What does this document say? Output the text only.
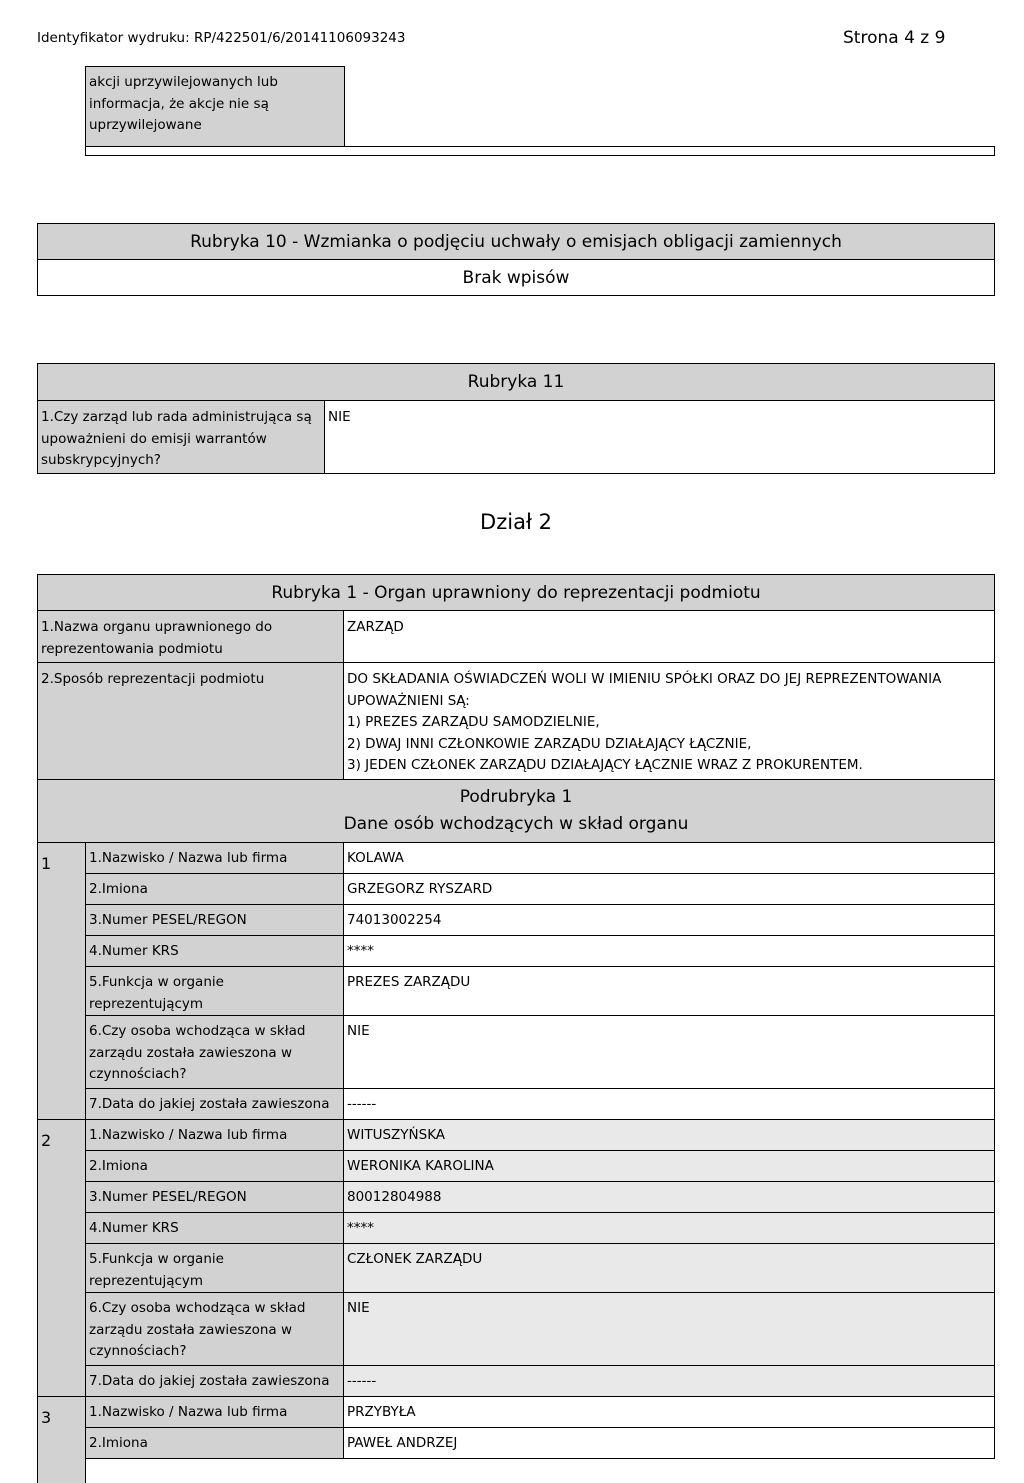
Identyfikator wydruku: RP/422501/6/20141106093243	Strona 4 z 9
akcji uprzywilejowanych lub informacja, że akcje nie są uprzywilejowane	

Rubryka 10 - Wzmianka o podjęciu uchwały o emisjach obligacji zamiennych
Brak wpisów
Rubryka 11
1.Czy zarząd lub rada administrująca są upoważnieni do emisji warrantów subskrypcyjnych?	NIE
Dział 2
Rubryka 1 - Organ uprawniony do reprezentacji podmiotu		
1.Nazwa organu uprawnionego do reprezentowania podmiotu		ZARZĄD
2.Sposób reprezentacji podmiotu		DO SKŁADANIA OŚWIADCZEŃ WOLI W IMIENIU SPÓŁKI ORAZ DO JEJ REPREZENTOWANIA UPOWAŻNIENI SĄ:
1) PREZES ZARZĄDU SAMODZIELNIE,
2) DWAJ INNI CZŁONKOWIE ZARZĄDU DZIAŁAJĄCY ŁĄCZNIE,
3) JEDEN CZŁONEK ZARZĄDU DZIAŁAJĄCY ŁĄCZNIE WRAZ Z PROKURENTEM.

Podrubryka 1
Dane osób wchodzących w skład organu		

1	1.Nazwisko / Nazwa lub firma	KOLAWA
	2.Imiona	GRZEGORZ RYSZARD
	3.Numer PESEL/REGON	74013002254
	4.Numer KRS	****
	5.Funkcja w organie reprezentującym	PREZES ZARZĄDU
	6.Czy osoba wchodząca w skład zarządu została zawieszona w czynnościach?	NIE
	7.Data do jakiej została zawieszona	------
2	1.Nazwisko / Nazwa lub firma	WITUSZYŃSKA
	2.Imiona	WERONIKA KAROLINA
	3.Numer PESEL/REGON	80012804988
	4.Numer KRS	****
	5.Funkcja w organie reprezentującym	CZŁONEK ZARZĄDU
	6.Czy osoba wchodząca w skład zarządu została zawieszona w czynnościach?	NIE
	7.Data do jakiej została zawieszona	------
3	1.Nazwisko / Nazwa lub firma	PRZYBYŁA
	2.Imiona	PAWEŁ ANDRZEJ
